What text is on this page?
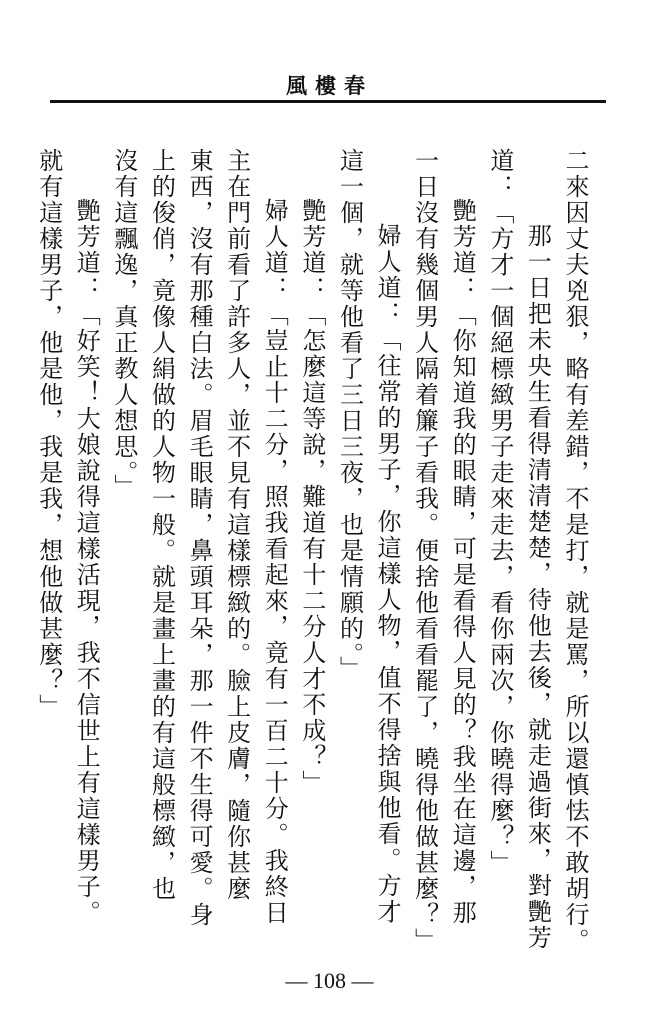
風樓春
二來因丈夫兇狠，略有差錯，不是打，就是罵，所以還慎怯不敢胡行。
那一日把未央生看得清清楚楚，待他去後，就走過街來，對艷芳
道：「方才一個絕標緻男子走來走去，看你兩次，你曉得麼？」
艷芳道：「你知道我的眼睛，可是看得人見的？我坐在這邊，那
一日沒有幾個男人隔着簾子看我。便捨他看看罷了，曉得他做甚麼？」
婦人道：「往常的男子，你這樣人物，值不得捨與他看。方才
這一個，就等他看了三日三夜，也是情願的。」
艷芳道：「怎麼這等說，難道有十二分人才不成？」
婦人道：「豈止十二分，照我看起來，竟有一百二十分。我終日
主在門前看了許多人，並不見有這樣標緻的。臉上皮膚，隨你甚麼
東西，沒有那種白法。眉毛眼睛，鼻頭耳朵，那一件不生得可愛。身
上的俊俏，竟像人絹做的人物一般。就是畫上畫的有這般標緻，也
沒有這飄逸，真正教人想思。」
艷芳道：「好笑！大娘說得這樣活現，我不信世上有這樣男子。
就有這樣男子，他是他，我是我，想他做甚麼？」
— 108 —
